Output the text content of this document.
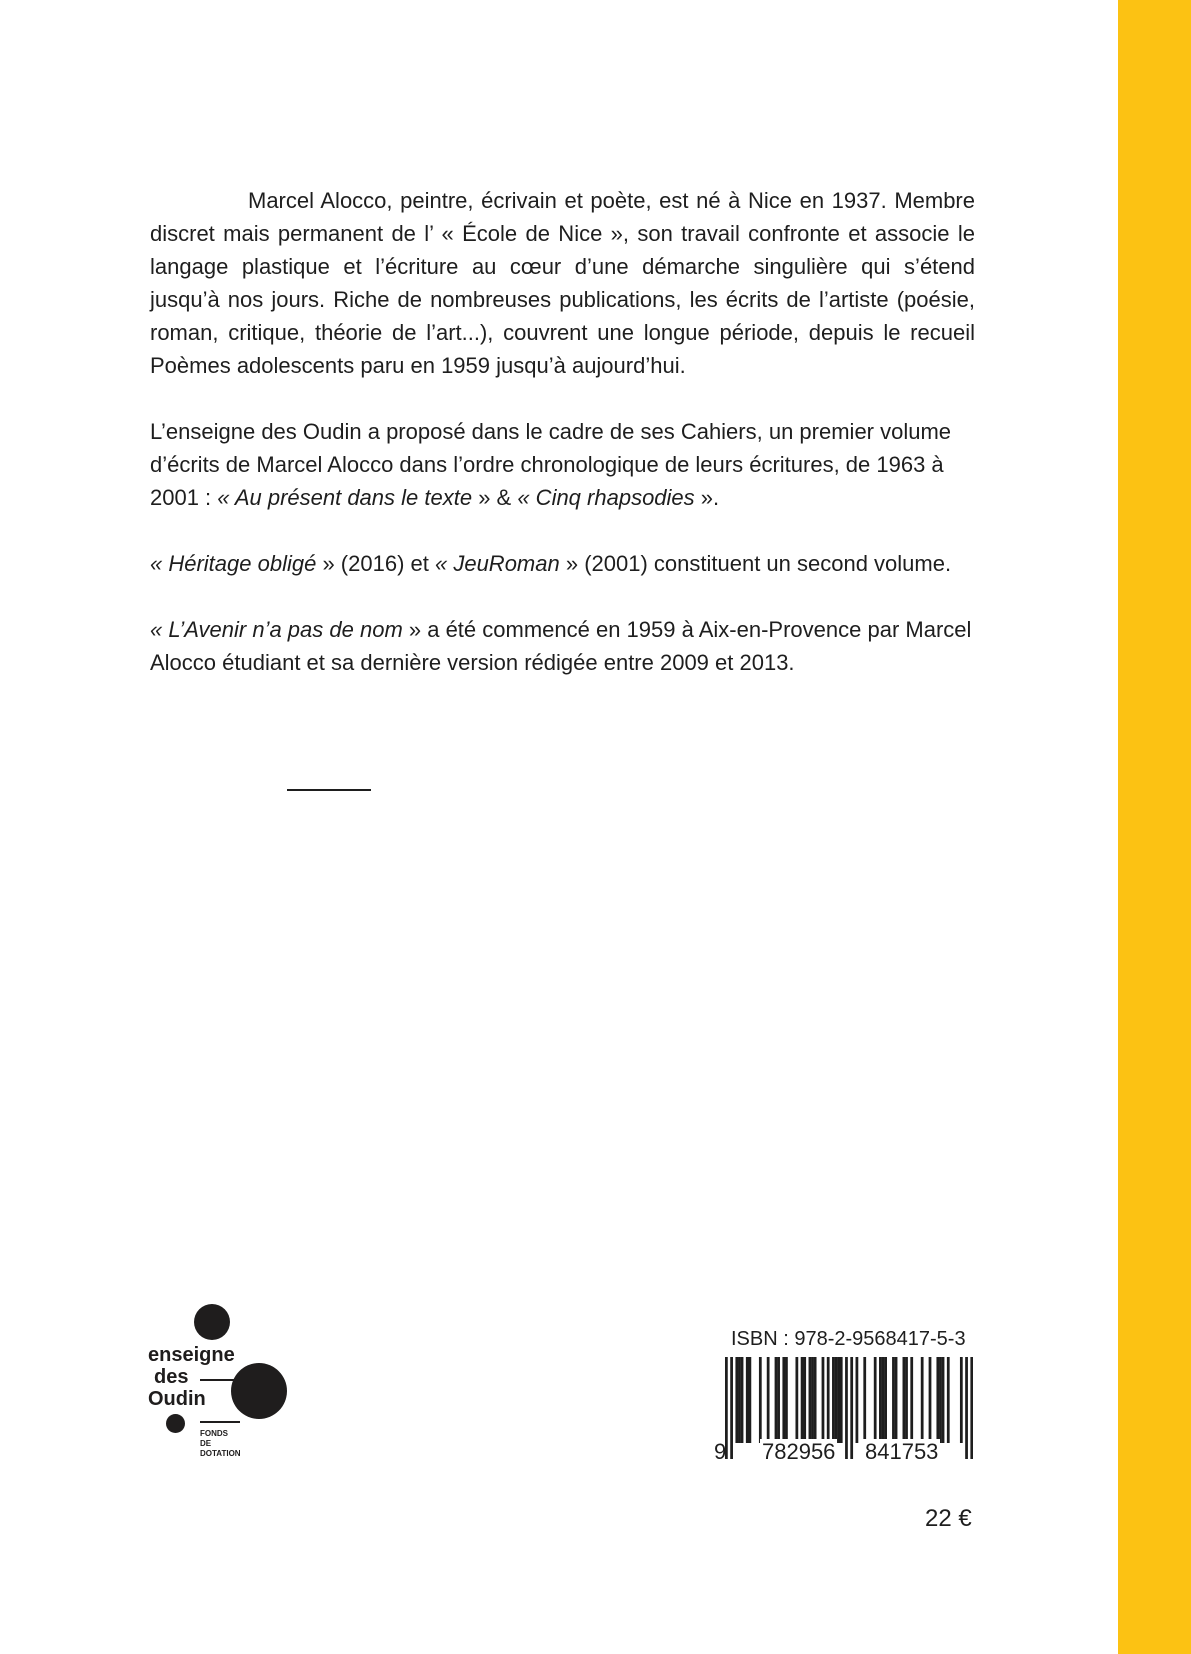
Marcel Alocco, peintre, écrivain et poète, est né à Nice en 1937. Membre discret mais permanent de l’ « École de Nice », son travail confronte et associe le langage plastique et l’écriture au cœur d’une démarche singulière qui s’étend jusqu’à nos jours. Riche de nombreuses publications, les écrits de l’artiste (poésie, roman, critique, théorie de l’art...), couvrent une longue période, depuis le recueil Poèmes adolescents paru en 1959 jusqu’à aujourd’hui.

L’enseigne des Oudin a proposé dans le cadre de ses Cahiers, un premier volume
d’écrits de Marcel Alocco dans l’ordre chronologique de leurs écritures, de 1963 à
2001 : « Au présent dans le texte » & « Cinq rhapsodies ».

« Héritage obligé » (2016) et « JeuRoman » (2001) constituent un second volume.

« L’Avenir n’a pas de nom » a été commencé en 1959 à Aix-en-Provence par Marcel
Alocco étudiant et sa dernière version rédigée entre 2009 et 2013.

enseigne
des
Oudin
FONDS
DE
DOTATION
ISBN : 978-2-9568417-5-3
9 782956 841753
22 €
